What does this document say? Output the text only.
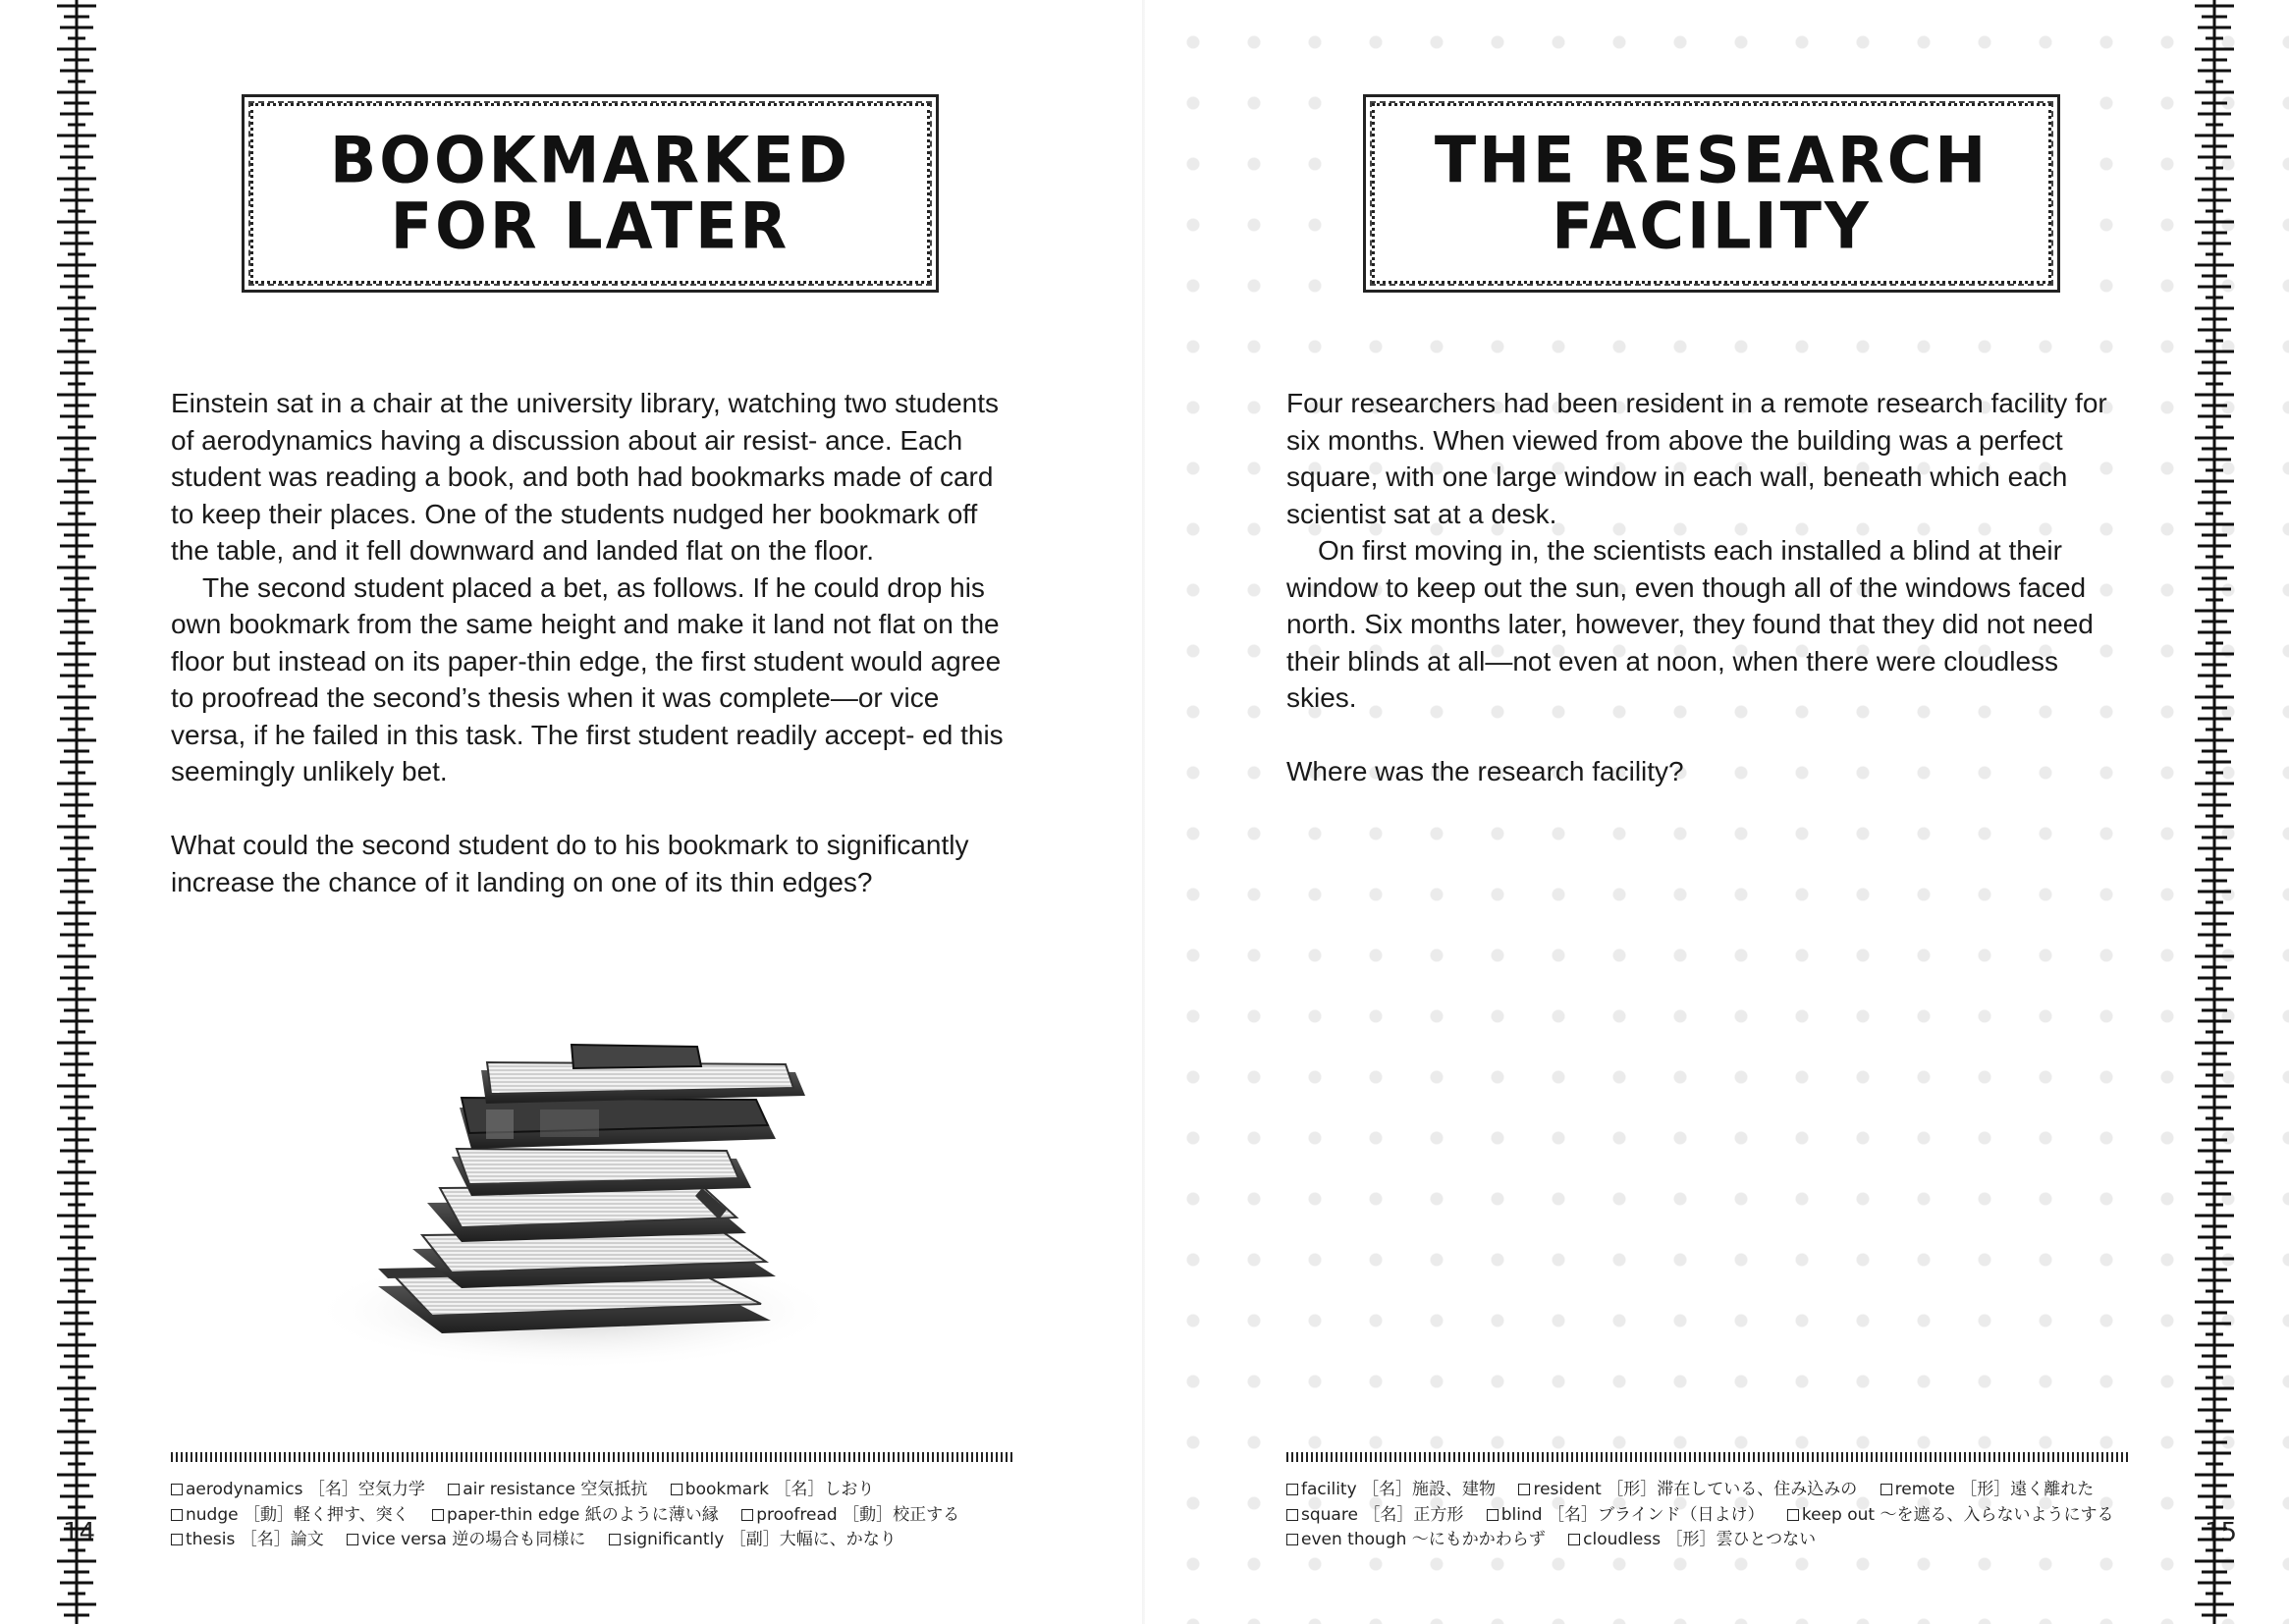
BOOKMARKED
FOR LATER

Einstein sat in a chair at the university library, watching two students of aerodynamics having a discussion about air resist- ance. Each student was reading a book, and both had bookmarks made of card to keep their places. One of the students nudged her bookmark off the table, and it fell downward and landed flat on the floor.

The second student placed a bet, as follows. If he could drop his own bookmark from the same height and make it land not flat on the floor but instead on its paper-thin edge, the first student would agree to proofread the second’s thesis when it was complete—or vice versa, if he failed in this task. The first student readily accept- ed this seemingly unlikely bet.

What could the second student do to his bookmark to significantly increase the chance of it landing on one of its thin edges?

aerodynamics ［名］空気力学 air resistance 空気抵抗 bookmark ［名］しおり
nudge ［動］軽く押す、突く paper-thin edge 紙のように薄い縁 proofread ［動］校正する
thesis ［名］論文 vice versa 逆の場合も同様に significantly ［副］大幅に、かなり
14
THE RESEARCH
FACILITY

Four researchers had been resident in a remote research facility for six months. When viewed from above the building was a perfect square, with one large window in each wall, beneath which each scientist sat at a desk.

On first moving in, the scientists each installed a blind at their window to keep out the sun, even though all of the windows faced north. Six months later, however, they found that they did not need their blinds at all—not even at noon, when there were cloudless skies.

Where was the research facility?

facility ［名］施設、建物 resident ［形］滞在している、住み込みの remote ［形］遠く離れた
square ［名］正方形 blind ［名］ブラインド（日よけ） keep out ～を遮る、入らないようにする
even though ～にもかかわらず cloudless ［形］雲ひとつない	15
